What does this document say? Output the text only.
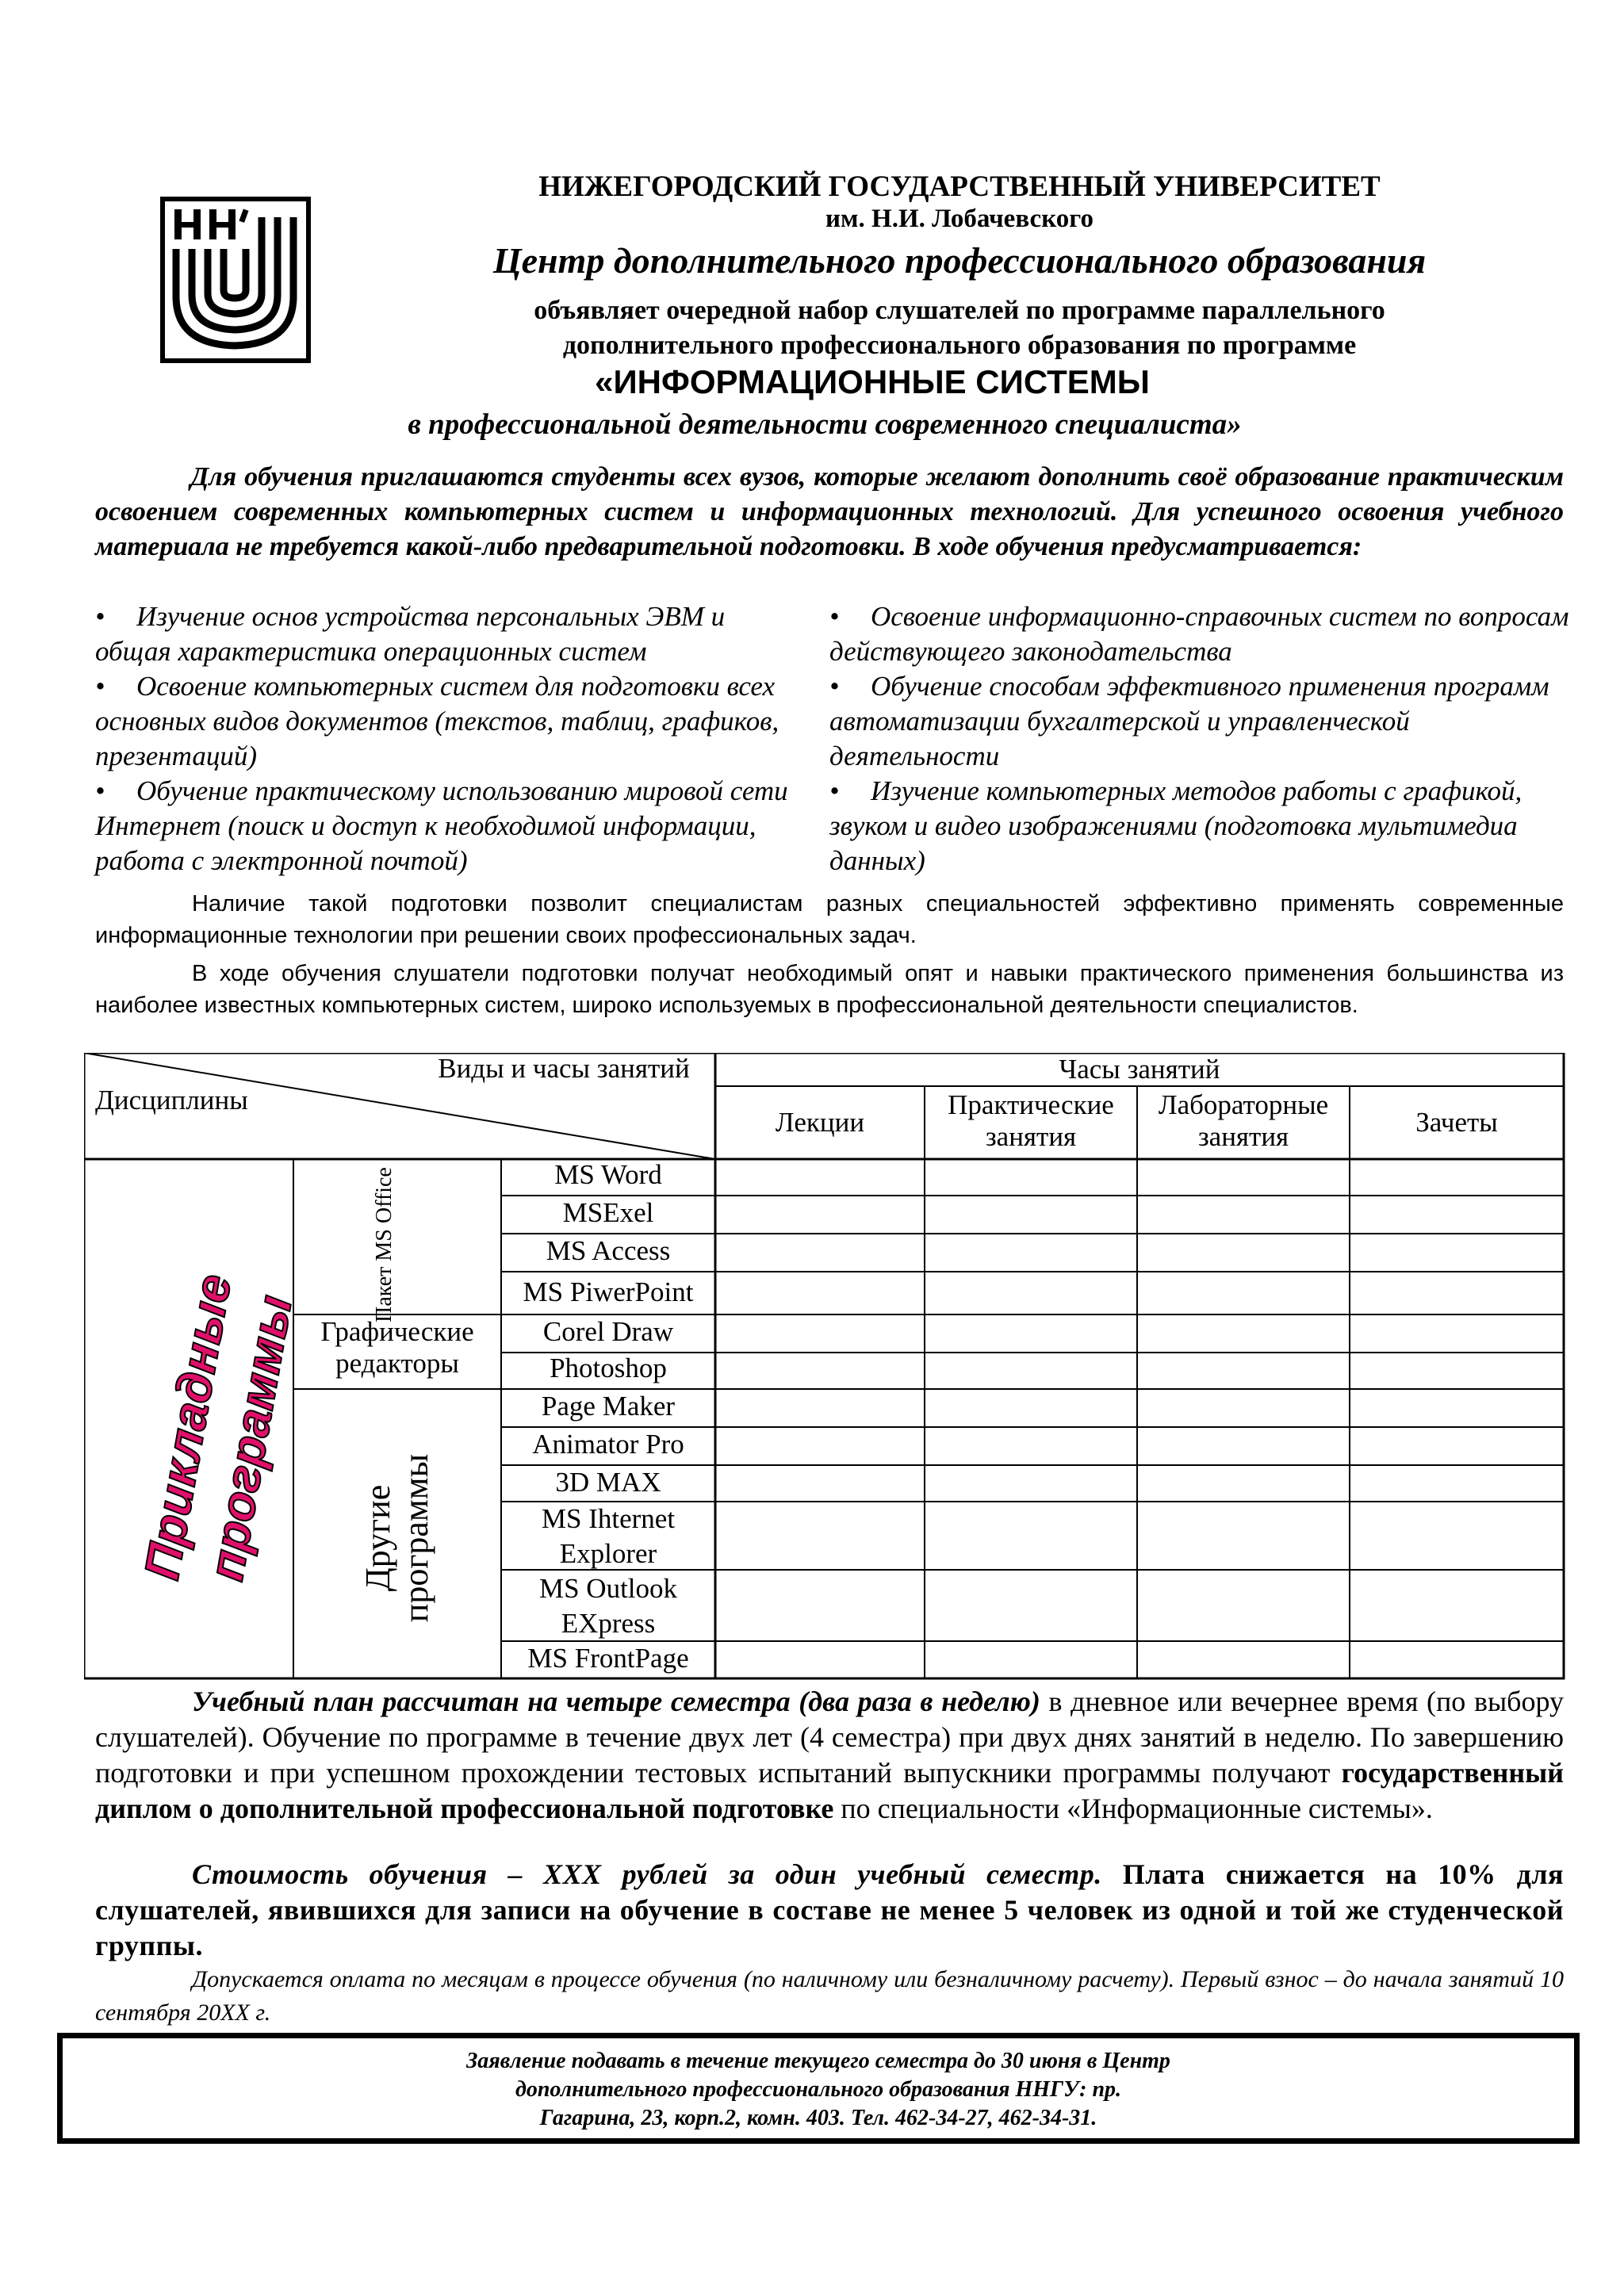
ННГУ	НИЖЕГОРОДСКИЙ ГОСУДАРСТВЕННЫЙ УНИВЕРСИТЕТ
им. Н.И. Лобачевского
Центр дополнительного профессионального образования
объявляет очередной набор слушателей по программе параллельного
дополнительного профессионального образования по программе
«ИНФОРМАЦИОННЫЕ СИСТЕМЫ
в профессиональной деятельности современного специалиста»
Для обучения приглашаются студенты всех вузов, которые желают дополнить своё образование практическим освоением современных компьютерных систем и информационных технологий. Для успешного освоения учебного материала не требуется какой-либо предварительной подготовки. В ходе обучения предусматривается:
• Изучение основ устройства персональных ЭВМ и общая характеристика операционных систем
• Освоение компьютерных систем для подготовки всех основных видов документов (текстов, таблиц, графиков, презентаций)
• Обучение практическому использованию мировой сети Интернет (поиск и доступ к необходимой информации, работа с электронной почтой)
• Освоение информационно-справочных систем по вопросам действующего законодательства
• Обучение способам эффективного применения программ автоматизации бухгалтерской и управленческой деятельности
• Изучение компьютерных методов работы с графикой, звуком и видео изображениями (подготовка мультимедиа данных)
Наличие такой подготовки позволит специалистам разных специальностей эффективно применять современные информационные технологии при решении своих профессиональных задач.
В ходе обучения слушатели подготовки получат необходимый опят и навыки практического применения большинства из наиболее известных компьютерных систем, широко используемых в профессиональной деятельности специалистов.
Виды и часы занятий
Дисциплины
Часы занятий
Лекции
Практические занятия
Лабораторные занятия	Зачеты
Прикладные программы
Пакет MS Office
Графические редакторы
Другие программы
MS Word
MSExel
MS Access
MS PiwerPoint
Corel Draw
Photoshop
Page Maker
Animator Pro
3D MAX
MS Ihternet Explorer
MS Outlook EXpress
MS FrontPage
Учебный план рассчитан на четыре семестра (два раза в неделю) в дневное или вечернее время (по выбору слушателей). Обучение по программе в течение двух лет (4 семестра) при двух днях занятий в неделю. По завершению подготовки и при успешном прохождении тестовых испытаний выпускники программы получают государственный диплом о дополнительной профессиональной подготовке по специальности «Информационные системы».
Стоимость обучения – ХХХ рублей за один учебный семестр. Плата снижается на 10% для слушателей, явившихся для записи на обучение в составе не менее 5 человек из одной и той же студенческой группы.
Допускается оплата по месяцам в процессе обучения (по наличному или безналичному расчету). Первый взнос – до начала занятий 10 сентября 20ХХ г.
Заявление подавать в течение текущего семестра до 30 июня в Центр
дополнительного профессионального образования ННГУ: пр.
Гагарина, 23, корп.2, комн. 403. Тел. 462-34-27, 462-34-31.
